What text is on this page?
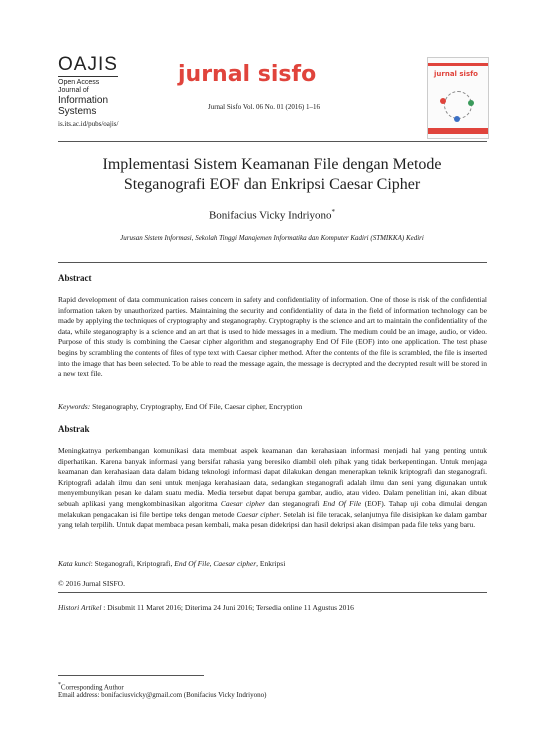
OAJIS
Open Access
Journal of
Information
Systems
is.its.ac.id/pubs/oajis/
jurnal sisfo
Jurnal Sisfo Vol. 06 No. 01 (2016) 1–16
jurnal sisfo
Implementasi Sistem Keamanan File dengan Metode
Steganografi EOF dan Enkripsi Caesar Cipher
Bonifacius Vicky Indriyono*
Jurusan Sistem Informasi, Sekolah Tinggi Manajemen Informatika dan Komputer Kadiri (STMIKKA) Kediri
Abstract
Rapid development of data communication raises concern in safety and confidentiality of information. One of those is risk of the confidential information taken by unauthorized parties. Maintaining the security and confidentiality of data in the field of information technology can be made by applying the techniques of cryptography and steganography. Cryptography is the science and art to maintain the confidentiality of the data, while steganography is a science and an art that is used to hide messages in a medium. The medium could be an image, audio, or video. Purpose of this study is combining the Caesar cipher algorithm and steganography End Of File (EOF) into one application. The test phase begins by scrambling the contents of files of type text with Caesar cipher method. After the contents of the file is scrambled, the file is inserted into the image that has been selected. To be able to read the message again, the message is decrypted and the decrypted result will be stored in a new text file.
Keywords: Steganography, Cryptography, End Of File, Caesar cipher, Encryption
Abstrak
Meningkatnya perkembangan komunikasi data membuat aspek keamanan dan kerahasiaan informasi menjadi hal yang penting untuk diperhatikan. Karena banyak informasi yang bersifat rahasia yang beresiko diambil oleh pihak yang tidak berkepentingan. Untuk menjaga keamanan dan kerahasiaan data dalam bidang teknologi informasi dapat dilakukan dengan menerapkan teknik kriptografi dan steganografi. Kriptografi adalah ilmu dan seni untuk menjaga kerahasiaan data, sedangkan steganografi adalah ilmu dan seni yang digunakan untuk menyembunyikan pesan ke dalam suatu media. Media tersebut dapat berupa gambar, audio, atau video. Dalam penelitian ini, akan dibuat sebuah aplikasi yang mengkombinasikan algoritma Caesar cipher dan steganografi End Of File (EOF). Tahap uji coba dimulai dengan melakukan pengacakan isi file bertipe teks dengan metode Caesar cipher. Setelah isi file teracak, selanjutnya file disisipkan ke dalam gambar yang telah terpilih. Untuk dapat membaca pesan kembali, maka pesan didekripsi dan hasil dekripsi akan disimpan pada file teks yang baru.
Kata kunci: Steganografi, Kriptografi, End Of File, Caesar cipher, Enkripsi
© 2016 Jurnal SISFO.
Histori Artikel : Disubmit 11 Maret 2016; Diterima 24 Juni 2016; Tersedia online 11 Agustus 2016
*Corresponding Author
Email address: bonifaciusvicky@gmail.com (Bonifacius Vicky Indriyono)
